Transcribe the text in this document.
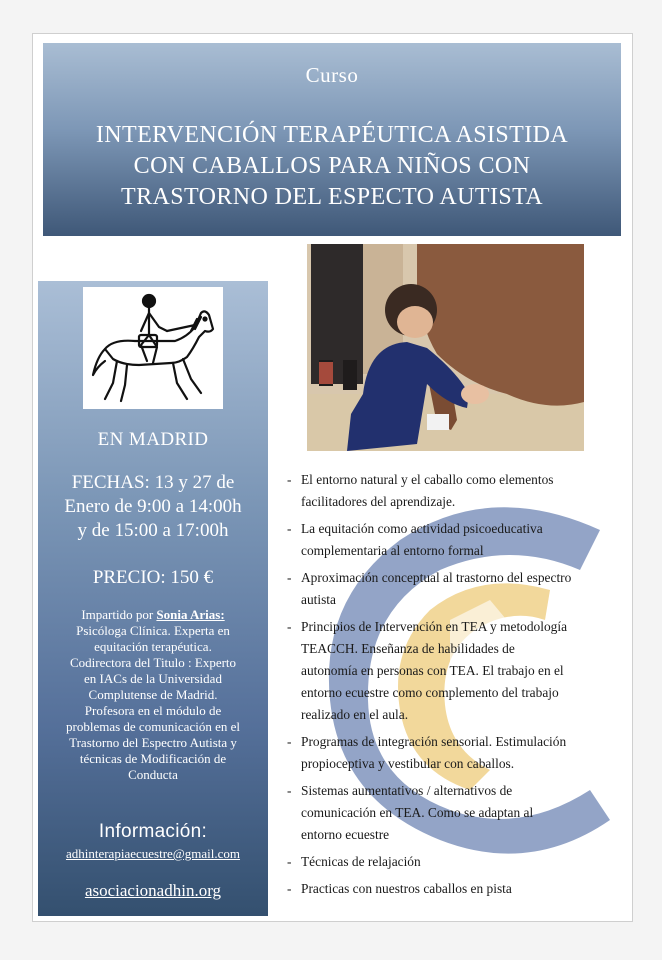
Curso
INTERVENCIÓN TERAPÉUTICA ASISTIDA
CON CABALLOS PARA NIÑOS CON
TRASTORNO DEL ESPECTO AUTISTA
EN MADRID
FECHAS: 13 y 27 de
Enero de 9:00 a 14:00h
y de 15:00 a 17:00h
PRECIO: 150 €
Impartido por Sonia Arias:
Psicóloga Clínica. Experta en
equitación terapéutica.
Codirectora del Titulo : Experto
en IACs de la Universidad
Complutense de Madrid.
Profesora en el módulo de
problemas de comunicación en el
Trastorno del Espectro Autista y
técnicas de Modificación de
Conducta
Información:
adhinterapiaecuestre@gmail.com
asociacionadhin.org
- El entorno natural y el caballo como elementos
facilitadores del aprendizaje.
- La equitación como actividad psicoeducativa
complementaria al entorno formal
- Aproximación conceptual al trastorno del espectro
autista
- Principios de Intervención en TEA y metodología
TEACCH. Enseñanza de habilidades de
autonomía en personas con TEA. El trabajo en el
entorno ecuestre como complemento del trabajo
realizado en el aula.
- Programas de integración sensorial. Estimulación
propioceptiva y vestibular con caballos.
- Sistemas aumentativos / alternativos de
comunicación en TEA. Como se adaptan al
entorno ecuestre
- Técnicas de relajación
- Practicas con nuestros caballos en pista
